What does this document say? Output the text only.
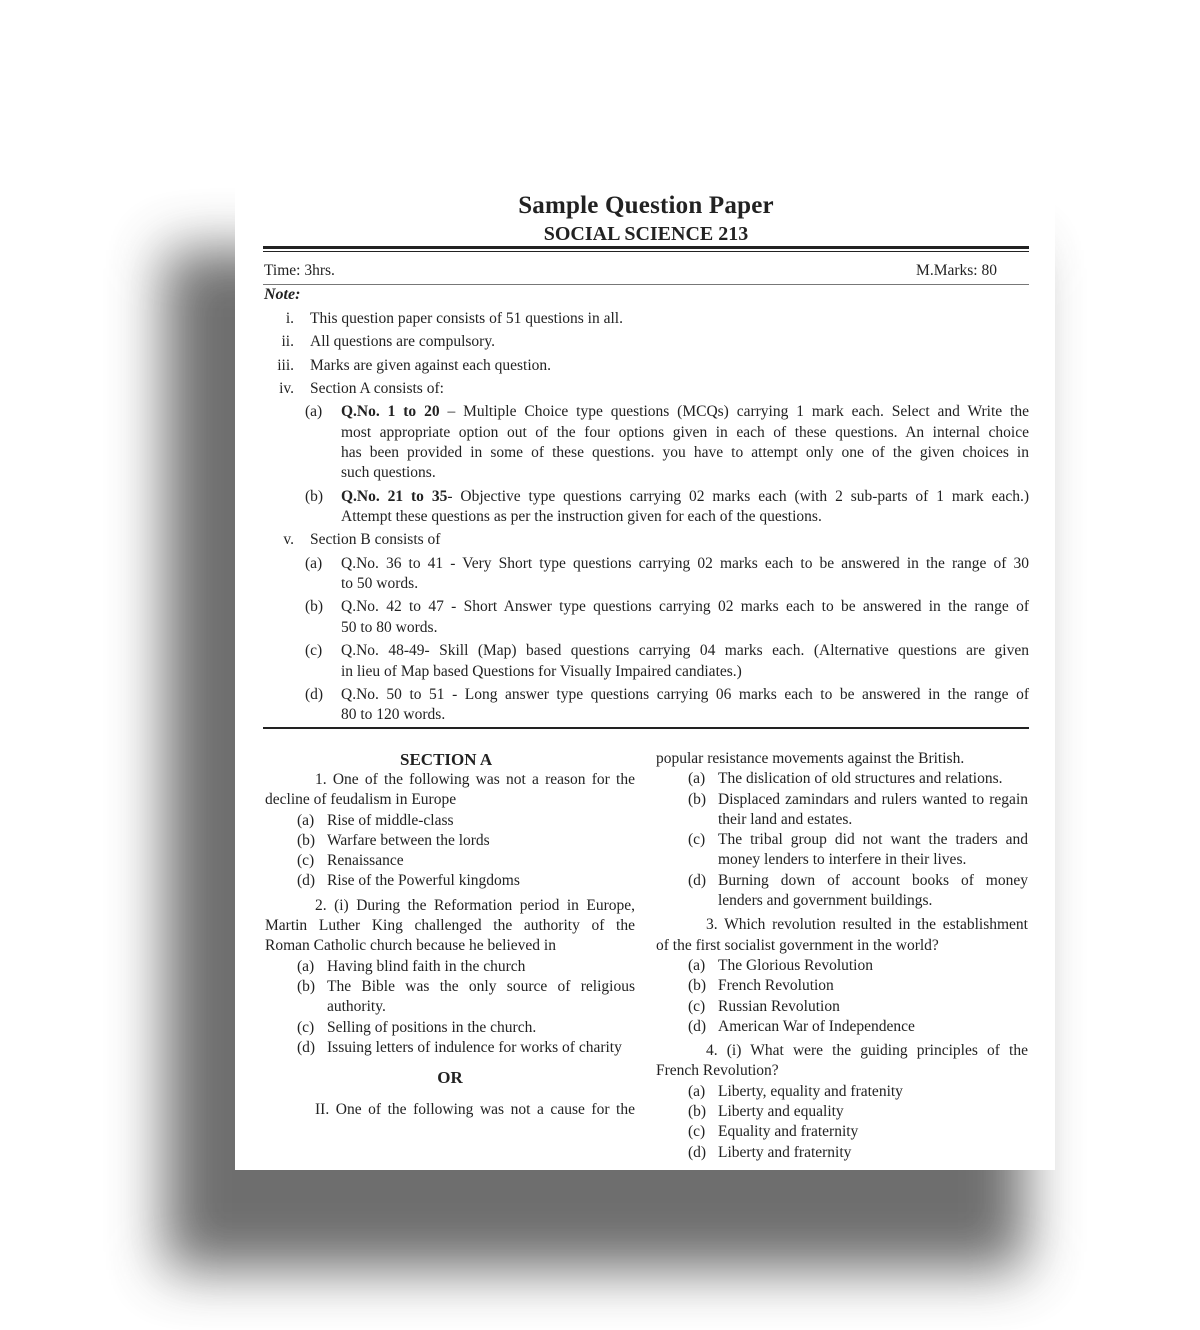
Sample Question Paper
SOCIAL SCIENCE 213
Time: 3hrs.	M.Marks: 80
Note:
i. This question paper consists of 51 questions in all.
ii. All questions are compulsory.
iii. Marks are given against each question.
iv. Section A consists of:
(a) Q.No. 1 to 20 – Multiple Choice type questions (MCQs) carrying 1 mark each. Select and Write the
most appropriate option out of the four options given in each of these questions. An internal choice
has been provided in some of these questions. you have to attempt only one of the given choices in
such questions.
(b) Q.No. 21 to 35- Objective type questions carrying 02 marks each (with 2 sub-parts of 1 mark each.)
Attempt these questions as per the instruction given for each of the questions.
v. Section B consists of
(a) Q.No. 36 to 41 - Very Short type questions carrying 02 marks each to be answered in the range of 30
to 50 words.
(b) Q.No. 42 to 47 - Short Answer type questions carrying 02 marks each to be answered in the range of
50 to 80 words.
(c) Q.No. 48-49- Skill (Map) based questions carrying 04 marks each. (Alternative questions are given
in lieu of Map based Questions for Visually Impaired candiates.)
(d) Q.No. 50 to 51 - Long answer type questions carrying 06 marks each to be answered in the range of
80 to 120 words.
SECTION A
1. One of the following was not a reason for the
decline of feudalism in Europe
(a) Rise of middle-class
(b) Warfare between the lords
(c) Renaissance
(d) Rise of the Powerful kingdoms
2. (i) During the Reformation period in Europe,
Martin Luther King challenged the authority of the
Roman Catholic church because he believed in
(a) Having blind faith in the church
(b) The Bible was the only source of religious authority.
(c) Selling of positions in the church.
(d) Issuing letters of indulence for works of charity
OR
II. One of the following was not a cause for the
popular resistance movements against the British.
(a) The dislication of old structures and relations.
(b) Displaced zamindars and rulers wanted to regain their land and estates.
(c) The tribal group did not want the traders and money lenders to interfere in their lives.
(d) Burning down of account books of money lenders and government buildings.
3. Which revolution resulted in the establishment
of the first socialist government in the world?
(a) The Glorious Revolution
(b) French Revolution
(c) Russian Revolution
(d) American War of Independence
4. (i) What were the guiding principles of the
French Revolution?
(a) Liberty, equality and fratenity
(b) Liberty and equality
(c) Equality and fraternity
(d) Liberty and fraternity
